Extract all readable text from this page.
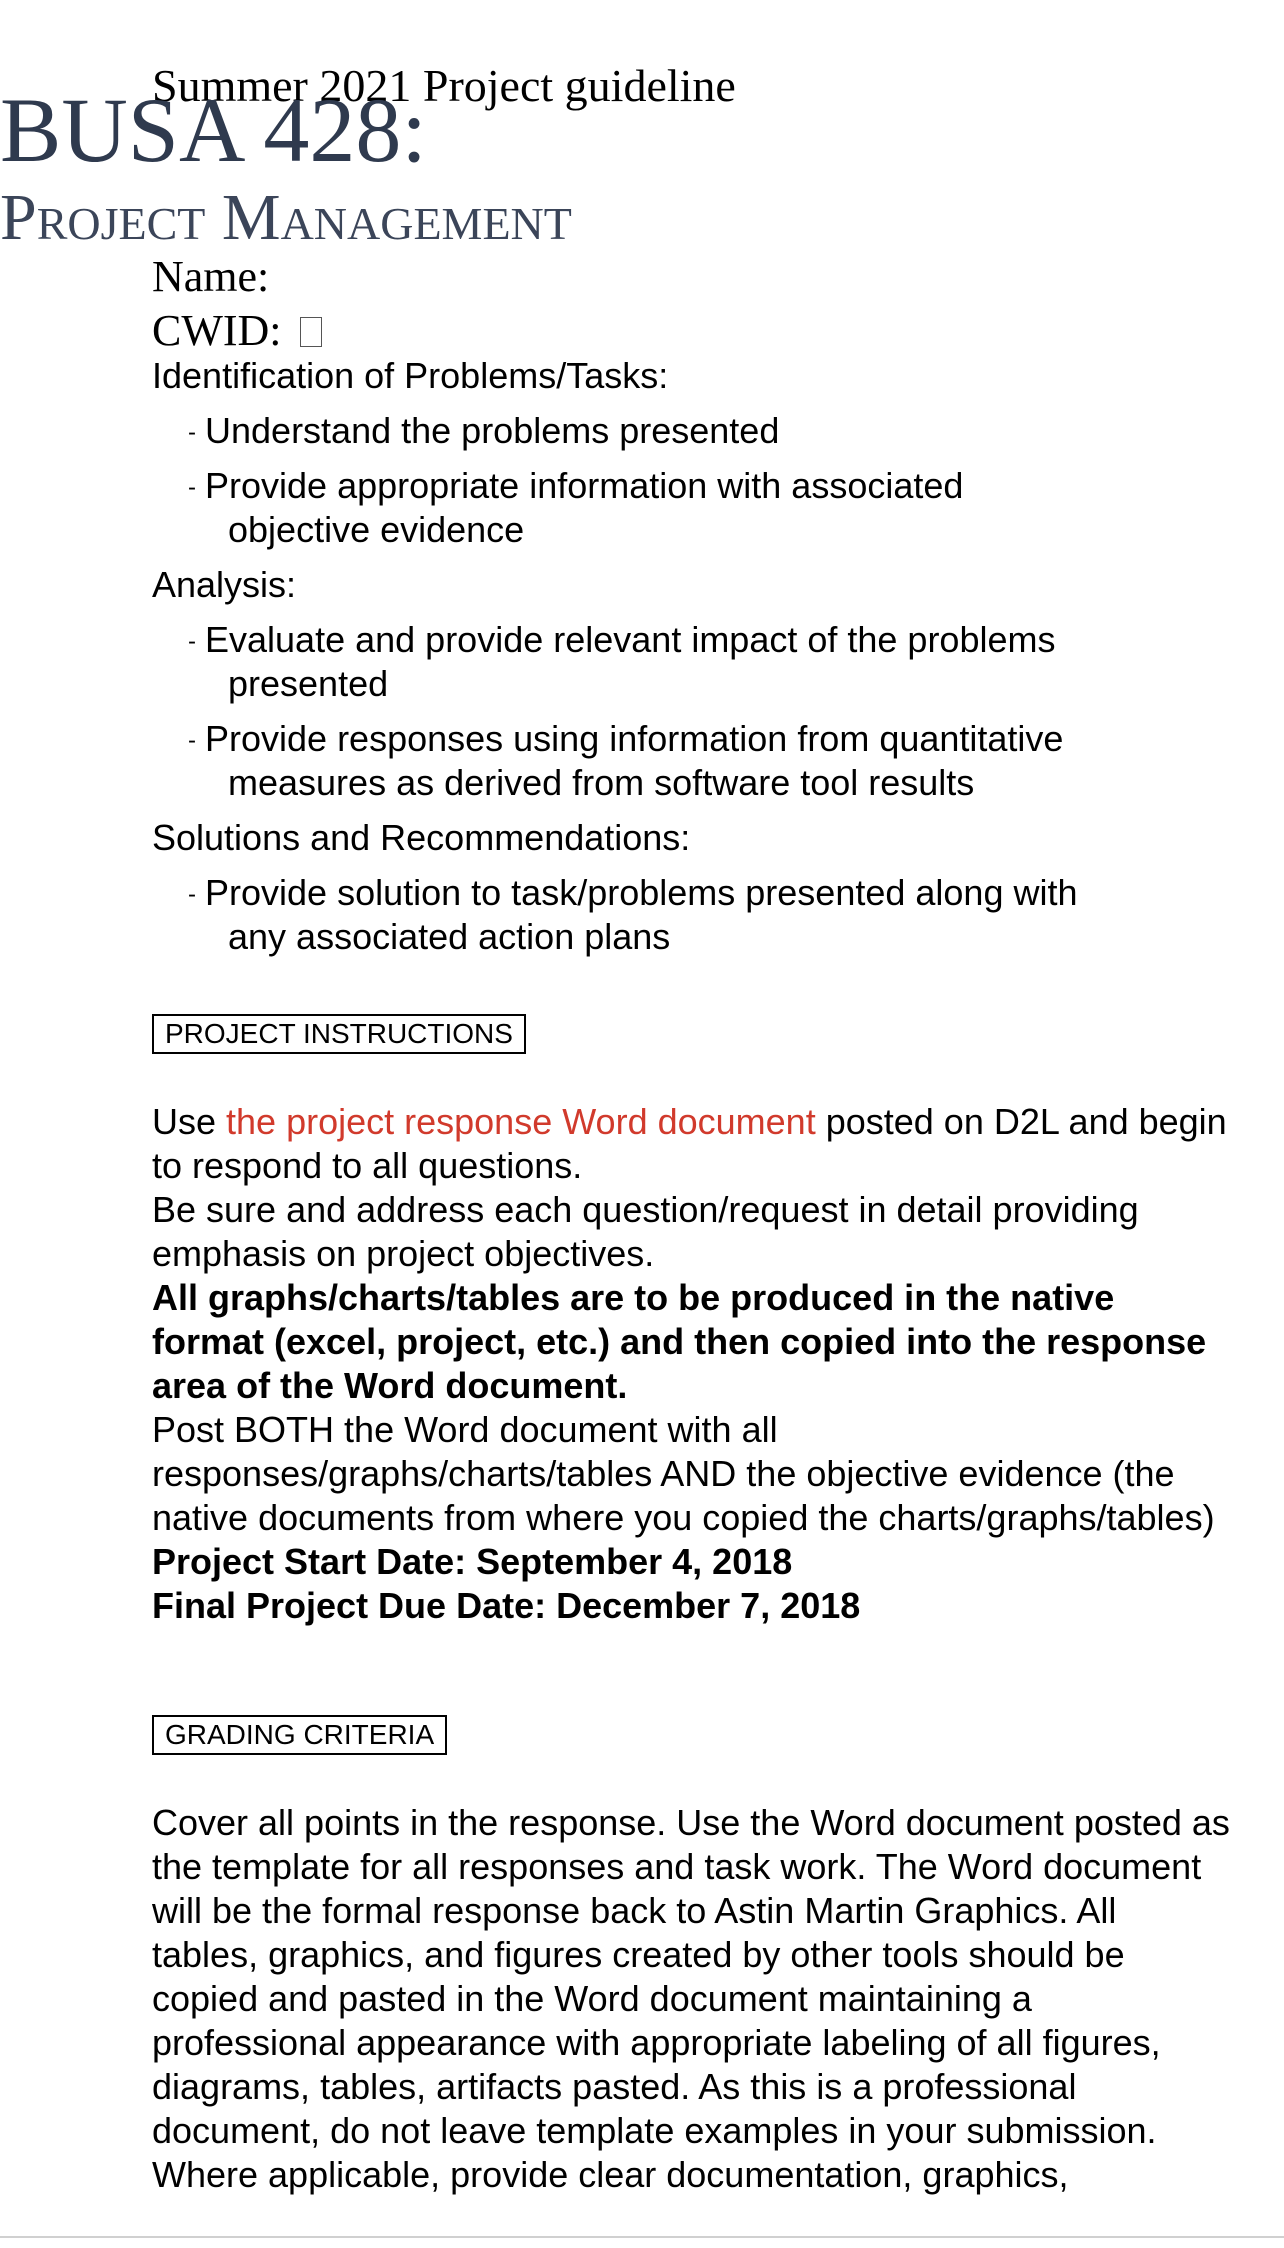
Summer 2021 Project guideline
BUSA 428:
Project Management
Name:
CWID:
Identification of Problems/Tasks:
- Understand the problems presented
- Provide appropriate information with associated
objective evidence
Analysis:
- Evaluate and provide relevant impact of the problems
presented
- Provide responses using information from quantitative
measures as derived from software tool results
Solutions and Recommendations:
- Provide solution to task/problems presented along with
any associated action plans
PROJECT INSTRUCTIONS

Use the project response Word document posted on D2L and begin to respond to all questions.

Be sure and address each question/request in detail providing emphasis on project objectives.

All graphs/charts/tables are to be produced in the native format (excel, project, etc.) and then copied into the response area of the Word document.

Post BOTH the Word document with all responses/graphs/charts/tables AND the objective evidence (the native documents from where you copied the charts/graphs/tables)

Project Start Date: September 4, 2018

Final Project Due Date: December 7, 2018

GRADING CRITERIA

Cover all points in the response. Use the Word document posted as the template for all responses and task work. The Word document will be the formal response back to Astin Martin Graphics. All tables, graphics, and figures created by other tools should be copied and pasted in the Word document maintaining a professional appearance with appropriate labeling of all figures, diagrams, tables, artifacts pasted. As this is a professional document, do not leave template examples in your submission.

Where applicable, provide clear documentation, graphics,
